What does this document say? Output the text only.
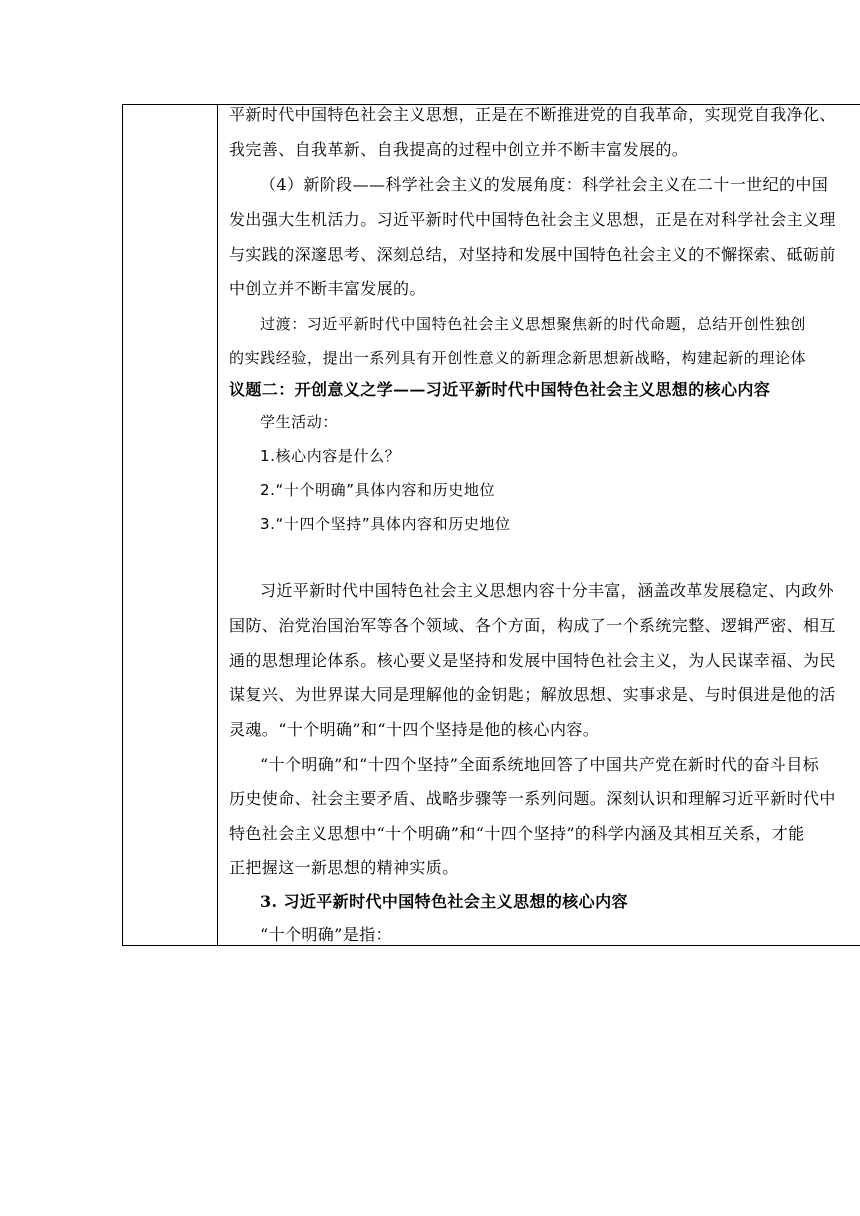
平新时代中国特色社会主义思想，正是在不断推进党的自我革命，实现党自我净化、
我完善、自我革新、自我提高的过程中创立并不断丰富发展的。
（4）新阶段——科学社会主义的发展角度：科学社会主义在二十一世纪的中国
发出强大生机活力。习近平新时代中国特色社会主义思想，正是在对科学社会主义理
与实践的深邃思考、深刻总结，对坚持和发展中国特色社会主义的不懈探索、砥砺前
中创立并不断丰富发展的。
过渡：习近平新时代中国特色社会主义思想聚焦新的时代命题，总结开创性独创
的实践经验，提出一系列具有开创性意义的新理念新思想新战略，构建起新的理论体
议题二：开创意义之学——习近平新时代中国特色社会主义思想的核心内容
学生活动：
1.核心内容是什么？
2.“十个明确”具体内容和历史地位
3.“十四个坚持”具体内容和历史地位
习近平新时代中国特色社会主义思想内容十分丰富，涵盖改革发展稳定、内政外
国防、治党治国治军等各个领域、各个方面，构成了一个系统完整、逻辑严密、相互
通的思想理论体系。核心要义是坚持和发展中国特色社会主义，为人民谋幸福、为民
谋复兴、为世界谋大同是理解他的金钥匙；解放思想、实事求是、与时俱进是他的活
灵魂。“十个明确”和“十四个坚持是他的核心内容。
“十个明确”和“十四个坚持”全面系统地回答了中国共产党在新时代的奋斗目标
历史使命、社会主要矛盾、战略步骤等一系列问题。深刻认识和理解习近平新时代中
特色社会主义思想中“十个明确”和“十四个坚持”的科学内涵及其相互关系，才能
正把握这一新思想的精神实质。
3. 习近平新时代中国特色社会主义思想的核心内容
“十个明确”是指：
